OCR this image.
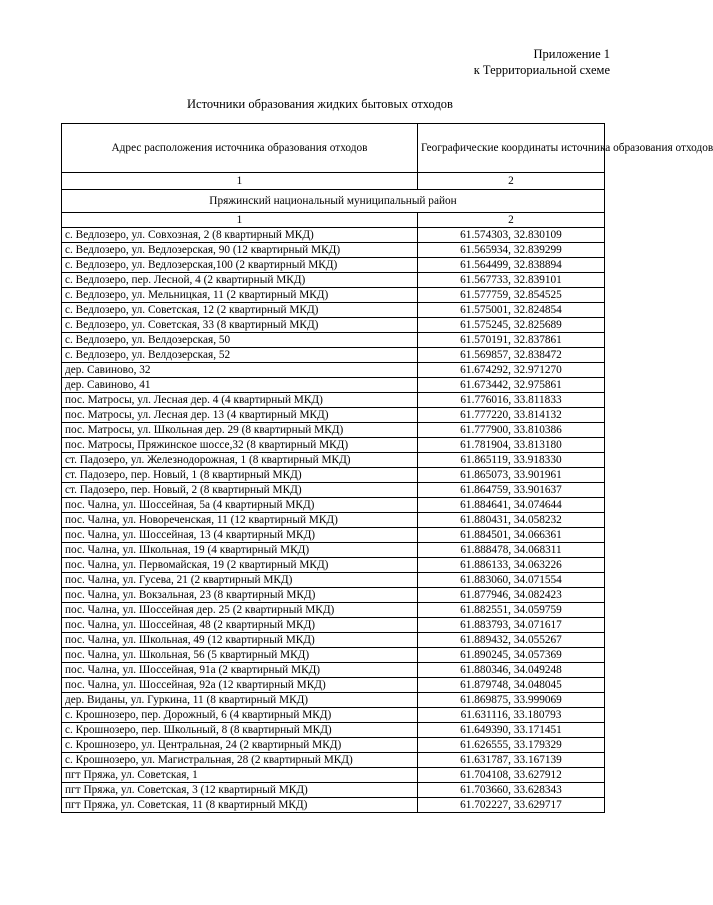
Приложение 1
к Территориальной схеме
Источники образования жидких бытовых отходов
Адрес расположения источника образования отходов	Географические координаты источника образования отходов
1	2
Пряжинский национальный муниципальный район	
1	2
с. Ведлозеро, ул. Совхозная, 2 (8 квартирный МКД)	61.574303, 32.830109
с. Ведлозеро, ул. Ведлозерская, 90 (12 квартирный МКД)	61.565934, 32.839299
с. Ведлозеро, ул. Ведлозерская,100 (2 квартирный МКД)	61.564499, 32.838894
с. Ведлозеро, пер. Лесной, 4 (2 квартирный МКД)	61.567733, 32.839101
с. Ведлозеро, ул. Мельницкая, 11 (2 квартирный МКД)	61.577759, 32.854525
с. Ведлозеро, ул. Советская, 12 (2 квартирный МКД)	61.575001, 32.824854
с. Ведлозеро, ул. Советская, 33 (8 квартирный МКД)	61.575245, 32.825689
с. Ведлозеро, ул. Велдозерская, 50	61.570191, 32.837861
с. Ведлозеро, ул. Велдозерская, 52	61.569857, 32.838472
дер. Савиново, 32	61.674292, 32.971270
дер. Савиново, 41	61.673442, 32.975861
пос. Матросы, ул. Лесная дер. 4 (4 квартирный МКД)	61.776016, 33.811833
пос. Матросы, ул. Лесная дер. 13 (4 квартирный МКД)	61.777220, 33.814132
пос. Матросы, ул. Школьная дер. 29 (8 квартирный МКД)	61.777900, 33.810386
пос. Матросы, Пряжинское шоссе,32 (8 квартирный МКД)	61.781904, 33.813180
ст. Падозеро, ул. Железнодорожная, 1 (8 квартирный МКД)	61.865119, 33.918330
ст. Падозеро, пер. Новый, 1 (8 квартирный МКД)	61.865073, 33.901961
ст. Падозеро, пер. Новый, 2 (8 квартирный МКД)	61.864759, 33.901637
пос. Чална, ул. Шоссейная, 5а (4 квартирный МКД)	61.884641, 34.074644
пос. Чална, ул. Новореченская, 11 (12 квартирный МКД)	61.880431, 34.058232
пос. Чална, ул. Шоссейная, 13 (4 квартирный МКД)	61.884501, 34.066361
пос. Чална, ул. Школьная, 19 (4 квартирный МКД)	61.888478, 34.068311
пос. Чална, ул. Первомайская, 19 (2 квартирный МКД)	61.886133, 34.063226
пос. Чална, ул. Гусева, 21 (2 квартирный МКД)	61.883060, 34.071554
пос. Чална, ул. Вокзальная, 23 (8 квартирный МКД)	61.877946, 34.082423
пос. Чална, ул. Шоссейная дер. 25 (2 квартирный МКД)	61.882551, 34.059759
пос. Чална, ул. Шоссейная, 48 (2 квартирный МКД)	61.883793, 34.071617
пос. Чална, ул. Школьная, 49 (12 квартирный МКД)	61.889432, 34.055267
пос. Чална, ул. Школьная, 56 (5 квартирный МКД)	61.890245, 34.057369
пос. Чална, ул. Шоссейная, 91а (2 квартирный МКД)	61.880346, 34.049248
пос. Чална, ул. Шоссейная, 92а (12 квартирный МКД)	61.879748, 34.048045
дер. Виданы, ул. Гуркина, 11 (8 квартирный МКД)	61.869875, 33.999069
с. Крошнозеро, пер. Дорожный, 6 (4 квартирный МКД)	61.631116, 33.180793
с. Крошнозеро, пер. Школьный, 8 (8 квартирный МКД)	61.649390, 33.171451
с. Крошнозеро, ул. Центральная, 24 (2 квартирный МКД)	61.626555, 33.179329
с. Крошнозеро, ул. Магистральная, 28 (2 квартирный МКД)	61.631787, 33.167139
пгт Пряжа, ул. Советская, 1	61.704108, 33.627912
пгт Пряжа, ул. Советская, 3 (12 квартирный МКД)	61.703660, 33.628343
пгт Пряжа, ул. Советская, 11 (8 квартирный МКД)	61.702227, 33.629717
